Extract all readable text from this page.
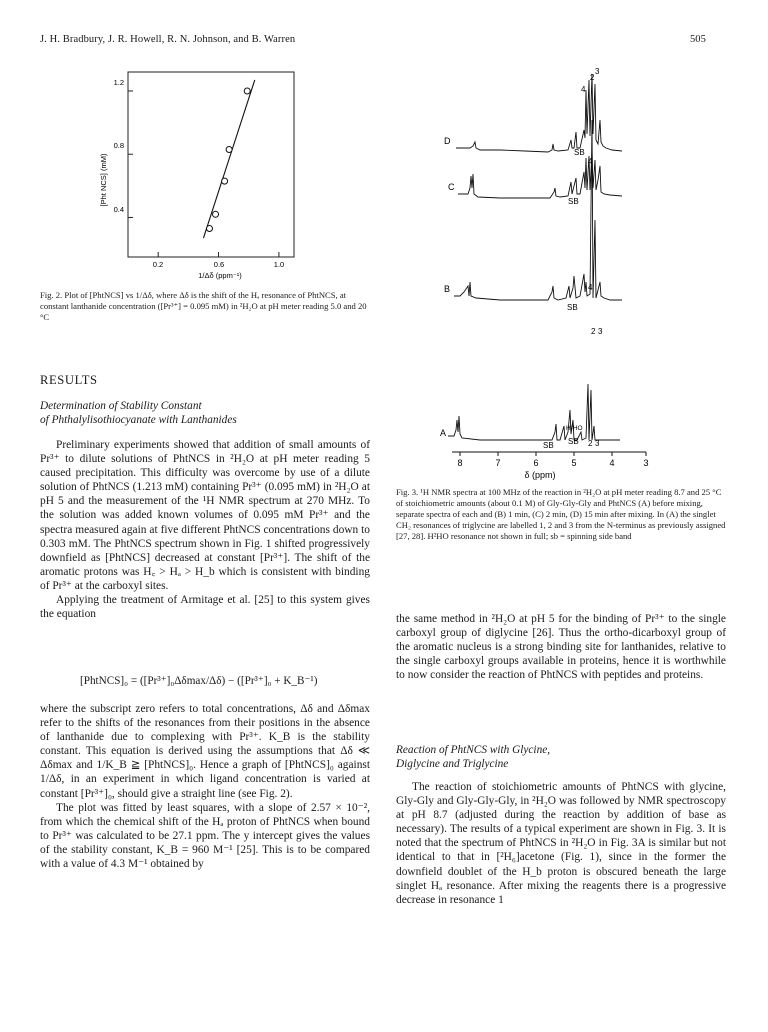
J. H. Bradbury, J. R. Howell, R. N. Johnson, and B. Warren	505
1.2
0.8
0.4
0.2	0.6	1.0
[Pht NCS] (mM)
1/Δδ (ppm⁻¹)
Fig. 2. Plot of [PhtNCS] vs 1/Δδ, where Δδ is the shift of the Hₐ resonance of PhtNCS, at constant lanthanide concentration ([Pr³⁺] = 0.095 mM) in ²H₂O at pH meter reading 5.0 and 20 °C
8	7	6	5	4	3
δ (ppm)
D
C
B
A
4
2
3
SB
4
SB
4
SB
2 3
H²HO
SB SB 2 3
Fig. 3. ¹H NMR spectra at 100 MHz of the reaction in ²H₂O at pH meter reading 8.7 and 25 °C of stoichiometric amounts (about 0.1 M) of Gly-Gly-Gly and PhtNCS (A) before mixing, separate spectra of each and (B) 1 min, (C) 2 min, (D) 15 min after mixing. In (A) the singlet CH₂ resonances of triglycine are labelled 1, 2 and 3 from the N-terminus as previously assigned [27, 28]. H²HO resonance not shown in full; sb = spinning side band
RESULTS
Determination of Stability Constant
of Phthalylisothiocyanate with Lanthanides

Preliminary experiments showed that addition of small amounts of Pr³⁺ to dilute solutions of PhtNCS in ²H₂O at pH meter reading 5 caused precipitation. This difficulty was overcome by use of a dilute solution of PhtNCS (1.213 mM) containing Pr³⁺ (0.095 mM) in ²H₂O at pH 5 and the measurement of the ¹H NMR spectrum at 270 MHz. To the solution was added known volumes of 0.095 mM Pr³⁺ and the spectra measured again at five different PhtNCS concentrations down to 0.303 mM. The PhtNCS spectrum shown in Fig. 1 shifted progressively downfield as [PhtNCS] decreased at constant [Pr³⁺]. The shift of the aromatic protons was H꜀ > Hₐ > H_b which is consistent with binding of Pr³⁺ at the carboxyl sites.

Applying the treatment of Armitage et al. [25] to this system gives the equation

[PhtNCS]₀ = ([Pr³⁺]₀Δδmax/Δδ) − ([Pr³⁺]₀ + K_B⁻¹)

where the subscript zero refers to total concentrations, Δδ and Δδmax refer to the shifts of the resonances from their positions in the absence of lanthanide due to complexing with Pr³⁺. K_B is the stability constant. This equation is derived using the assumptions that Δδ ≪ Δδmax and 1/K_B ≧ [PhtNCS]₀. Hence a graph of [PhtNCS]₀ against 1/Δδ, in an experiment in which ligand concentration is varied at constant [Pr³⁺]₀, should give a straight line (see Fig. 2).

The plot was fitted by least squares, with a slope of 2.57 × 10⁻², from which the chemical shift of the Hₐ proton of PhtNCS when bound to Pr³⁺ was calculated to be 27.1 ppm. The y intercept gives the values of the stability constant, K_B = 960 M⁻¹ [25]. This is to be compared with a value of 4.3 M⁻¹ obtained by

the same method in ²H₂O at pH 5 for the binding of Pr³⁺ to the single carboxyl group of diglycine [26]. Thus the ortho-dicarboxyl group of the aromatic nucleus is a strong binding site for lanthanides, relative to the single carboxyl groups available in proteins, hence it is worthwhile to now consider the reaction of PhtNCS with peptides and proteins.

Reaction of PhtNCS with Glycine,
Diglycine and Triglycine

The reaction of stoichiometric amounts of PhtNCS with glycine, Gly-Gly and Gly-Gly-Gly, in ²H₂O was followed by NMR spectroscopy at pH 8.7 (adjusted during the reaction by addition of base as necessary). The results of a typical experiment are shown in Fig. 3. It is noted that the spectrum of PhtNCS in ²H₂O in Fig. 3A is similar but not identical to that in [²H₆]acetone (Fig. 1), since in the former the downfield doublet of the H_b proton is obscured beneath the large singlet Hₐ resonance. After mixing the reagents there is a progressive decrease in resonance 1
